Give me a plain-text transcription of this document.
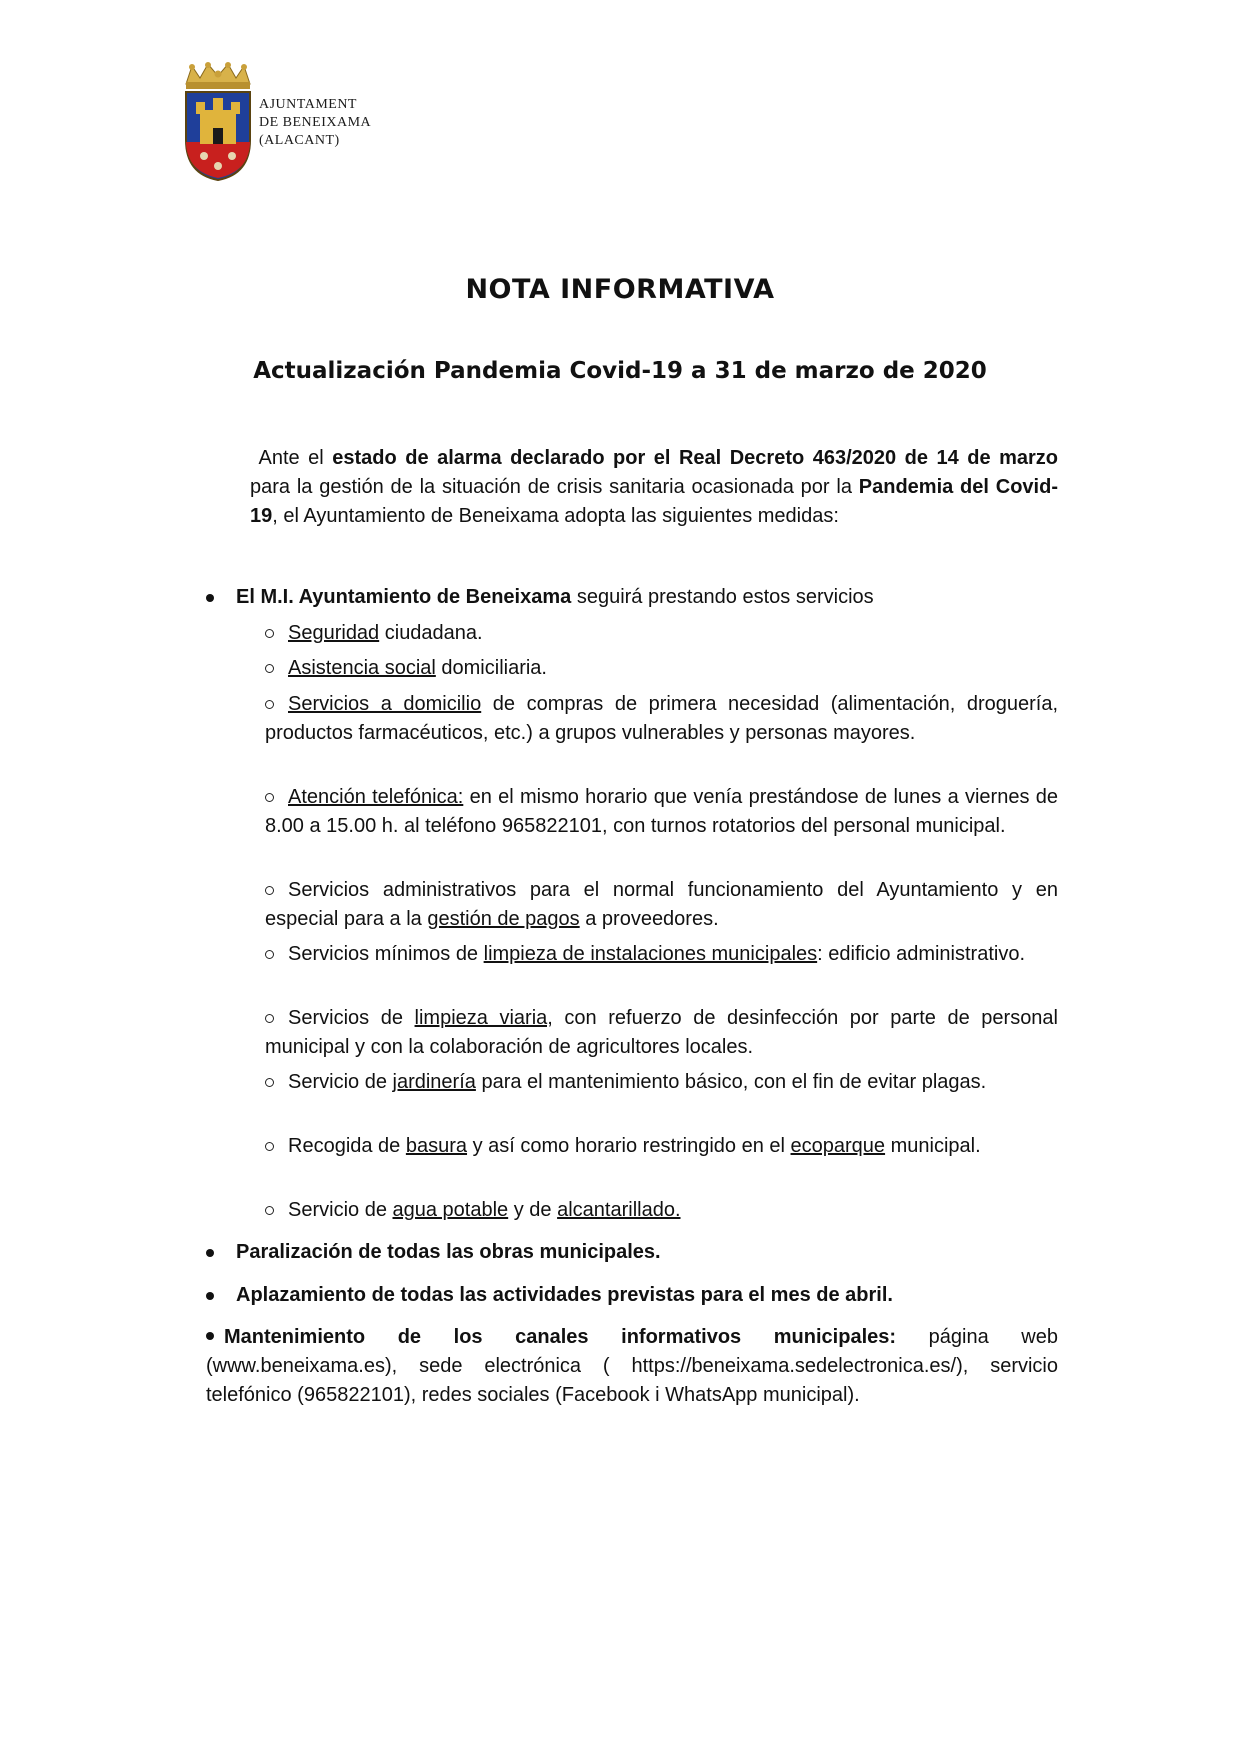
AJUNTAMENT
DE BENEIXAMA
(ALACANT)
NOTA INFORMATIVA
Actualización Pandemia Covid-19 a 31 de marzo de 2020
Ante el estado de alarma declarado por el Real Decreto 463/2020 de 14 de marzo para la gestión de la situación de crisis sanitaria ocasionada por la Pandemia del Covid-19, el Ayuntamiento de Beneixama adopta las siguientes medidas:
El M.I. Ayuntamiento de Beneixama seguirá prestando estos servicios
Seguridad ciudadana.
Asistencia social domiciliaria.
Servicios a domicilio de compras de primera necesidad (alimentación, droguería, productos farmacéuticos, etc.) a grupos vulnerables y personas mayores.
Atención telefónica: en el mismo horario que venía prestándose de lunes a viernes de 8.00 a 15.00 h. al teléfono 965822101, con turnos rotatorios del personal municipal.
Servicios administrativos para el normal funcionamiento del Ayuntamiento y en especial para a la gestión de pagos a proveedores.
Servicios mínimos de limpieza de instalaciones municipales: edificio administrativo.
Servicios de limpieza viaria, con refuerzo de desinfección por parte de personal municipal y con la colaboración de agricultores locales.
Servicio de jardinería para el mantenimiento básico, con el fin de evitar plagas.
Recogida de basura y así como horario restringido en el ecoparque municipal.
Servicio de agua potable y de alcantarillado.
Paralización de todas las obras municipales.
Aplazamiento de todas las actividades previstas para el mes de abril.
Mantenimiento de los canales informativos municipales: página web (www.beneixama.es), sede electrónica ( https://beneixama.sedelectronica.es/), servicio telefónico (965822101), redes sociales (Facebook i WhatsApp municipal).
